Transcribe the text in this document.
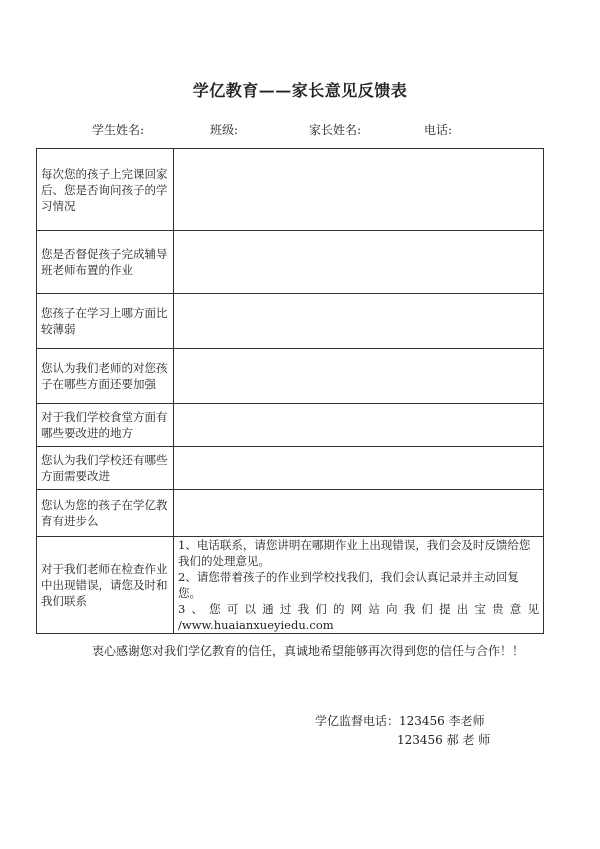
学亿教育——家长意见反馈表
学生姓名:	班级:	家长姓名:	电话:
每次您的孩子上完课回家后、您是否询问孩子的学习情况	
您是否督促孩子完成辅导班老师布置的作业	
您孩子在学习上哪方面比较薄弱	
您认为我们老师的对您孩子在哪些方面还要加强	
对于我们学校食堂方面有哪些要改进的地方	
您认为我们学校还有哪些方面需要改进	
您认为您的孩子在学亿教育有进步么	
对于我们老师在检查作业中出现错误，请您及时和我们联系	1、电话联系，请您讲明在哪期作业上出现错误，我们会及时反馈给您我们的处理意见。
2、请您带着孩子的作业到学校找我们，我们会认真记录并主动回复您。
3、您可以通过我们的网站向我们提出宝贵意见
/www.huaianxueyiedu.com
衷心感谢您对我们学亿教育的信任，真诚地希望能够再次得到您的信任与合作！！
学亿监督电话：123456 李老师
123456 郝 老 师
